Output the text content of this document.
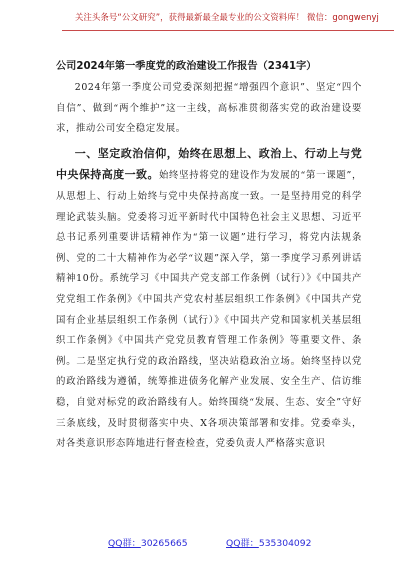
关注头条号“公文研究”，获得最新最全最专业的公文资料库！ 微信：gongwenyj
公司2024年第一季度党的政治建设工作报告（2341字）

2024年第一季度公司党委深刻把握“增强四个意识”、坚定“四个自信”、做到“两个维护”这一主线，高标准贯彻落实党的政治建设要求，推动公司安全稳定发展。

一、坚定政治信仰，始终在思想上、政治上、行动上与党中央保持高度一致。始终坚持将党的建设作为发展的“第一课题”，从思想上、行动上始终与党中央保持高度一致。一是坚持用党的科学理论武装头脑。党委将习近平新时代中国特色社会主义思想、习近平总书记系列重要讲话精神作为“第一议题”进行学习，将党内法规条例、党的二十大精神作为必学“议题”深入学，第一季度学习系列讲话精神10份。系统学习《中国共产党支部工作条例（试行）》《中国共产党党组工作条例》《中国共产党农村基层组织工作条例》《中国共产党国有企业基层组织工作条例（试行）》《中国共产党和国家机关基层组织工作条例》《中国共产党党员教育管理工作条例》等重要文件、条例。二是坚定执行党的政治路线，坚决站稳政治立场。始终坚持以党的政治路线为遵循，统筹推进债务化解产业发展、安全生产、信访维稳，自觉对标党的政治路线有人。始终围绕“发展、生态、安全”守好三条底线，及时贯彻落实中央、X各项决策部署和安排。党委牵头，对各类意识形态阵地进行督查检查，党委负责人严格落实意识

QQ群：30265665	QQ群：535304092
